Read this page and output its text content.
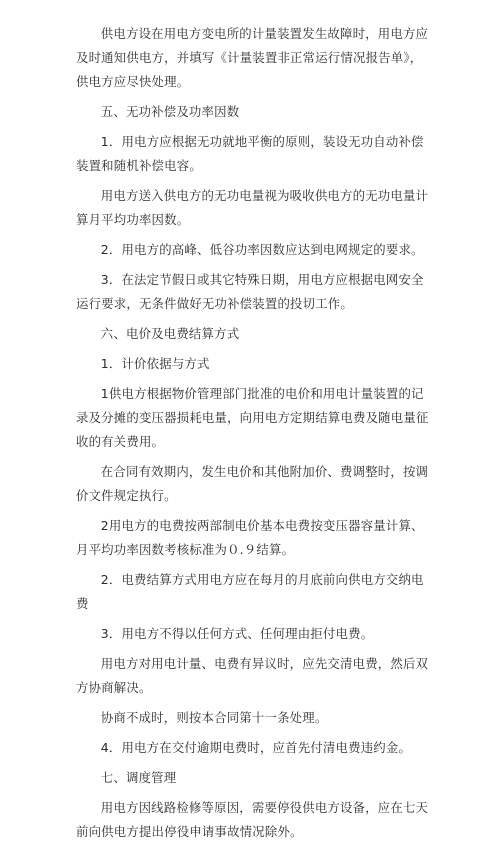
供电方设在用电方变电所的计量装置发生故障时，用电方应及时通知供电方，并填写《计量装置非正常运行情况报告单》，供电方应尽快处理。

五、无功补偿及功率因数

1．用电方应根据无功就地平衡的原则，装设无功自动补偿装置和随机补偿电容。

用电方送入供电方的无功电量视为吸收供电方的无功电量计算月平均功率因数。

2．用电方的高峰、低谷功率因数应达到电网规定的要求。

3．在法定节假日或其它特殊日期，用电方应根据电网安全运行要求，无条件做好无功补偿装置的投切工作。

六、电价及电费结算方式

1．计价依据与方式

1供电方根据物价管理部门批准的电价和用电计量装置的记录及分摊的变压器损耗电量，向用电方定期结算电费及随电量征收的有关费用。

在合同有效期内，发生电价和其他附加价、费调整时，按调价文件规定执行。

2用电方的电费按两部制电价基本电费按变压器容量计算、月平均功率因数考核标准为０.９结算。

2．电费结算方式用电方应在每月的月底前向供电方交纳电费

3．用电方不得以任何方式、任何理由拒付电费。

用电方对用电计量、电费有异议时，应先交清电费，然后双方协商解决。

协商不成时，则按本合同第十一条处理。

4．用电方在交付逾期电费时，应首先付清电费违约金。

七、调度管理

用电方因线路检修等原因，需要停役供电方设备，应在七天前向供电方提出停役申请事故情况除外。
